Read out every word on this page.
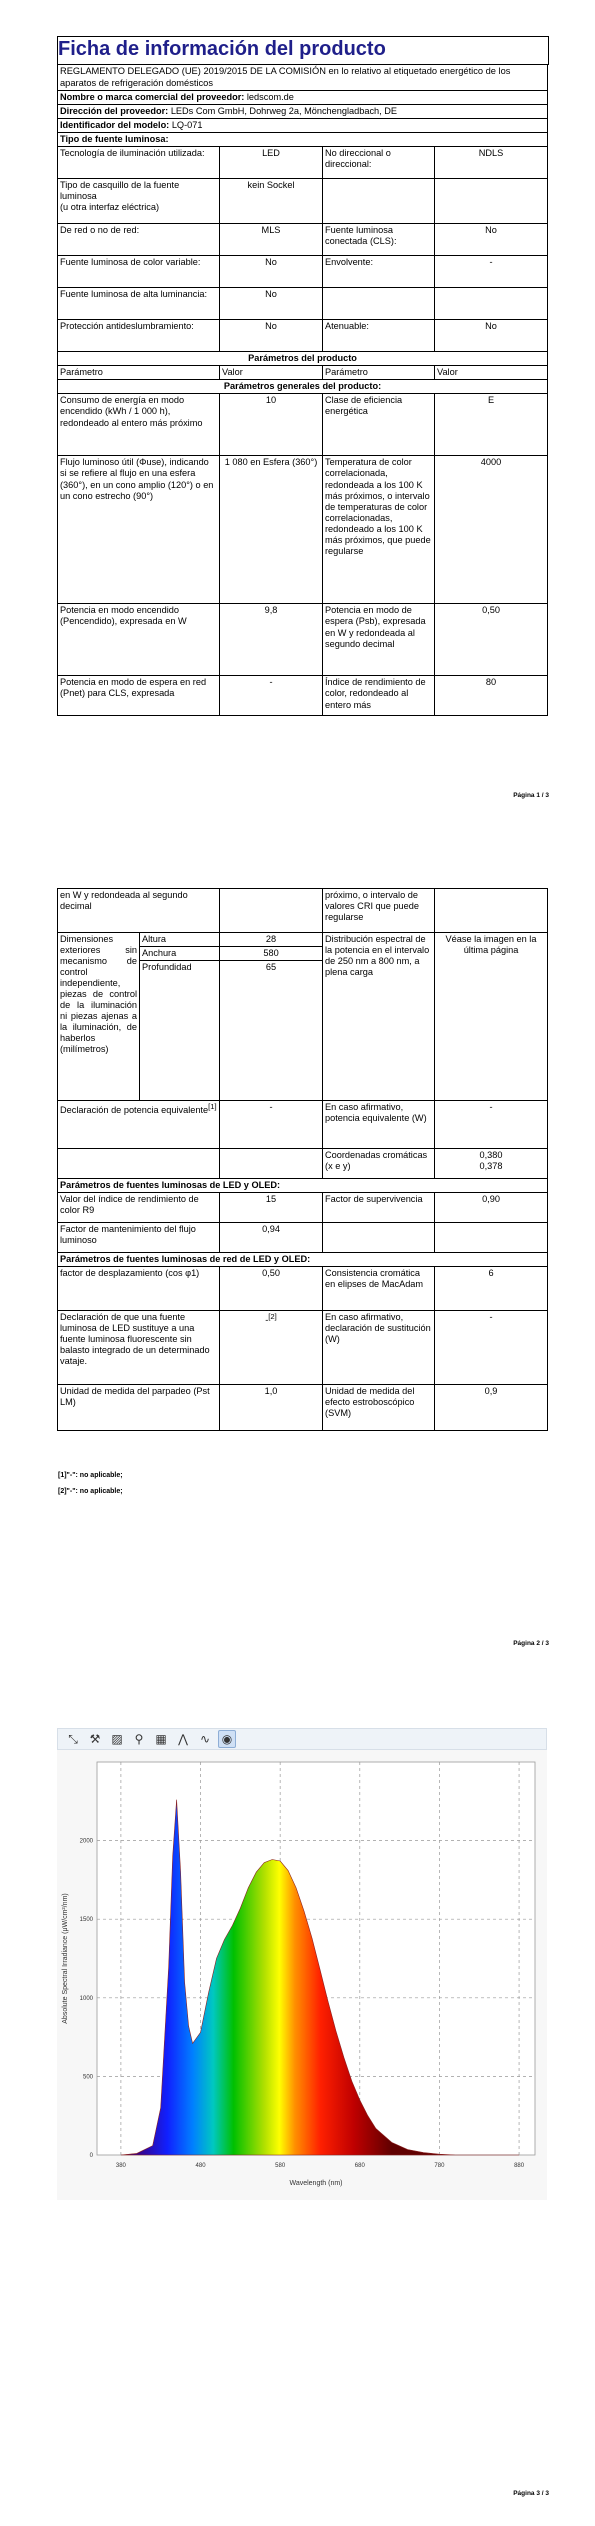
Ficha de información del producto
REGLAMENTO DELEGADO (UE) 2019/2015 DE LA COMISIÓN en lo relativo al etiquetado energético de los aparatos de refrigeración domésticos			
Nombre o marca comercial del proveedor: ledscom.de			
Dirección del proveedor: LEDs Com GmbH, Dohrweg 2a, Mönchengladbach, DE			
Identificador del modelo: LQ-071			
Tipo de fuente luminosa:			
Tecnología de iluminación utilizada:	LED	No direccional o direccional:	NDLS
Tipo de casquillo de la fuente luminosa
(u otra interfaz eléctrica)	kein Sockel		
De red o no de red:	MLS	Fuente luminosa conectada (CLS):	No
Fuente luminosa de color variable:	No	Envolvente:	-
Fuente luminosa de alta luminancia:	No		
Protección antideslumbramiento:	No	Atenuable:	No
Parámetros del producto			
Parámetro	Valor	Parámetro	Valor
Parámetros generales del producto:			
Consumo de energía en modo encendido (kWh / 1 000 h), redondeado al entero más próximo	10	Clase de eficiencia energética	E
Flujo luminoso útil (Φuse), indicando si se refiere al flujo en una esfera (360°), en un cono amplio (120°) o en un cono estrecho (90°)	1 080 en Esfera (360°)	Temperatura de color correlacionada, redondeada a los 100 K más próximos, o intervalo de temperaturas de color correlacionadas, redondeado a los 100 K más próximos, que puede regularse	4000
Potencia en modo encendido (Pencendido), expresada en W	9,8	Potencia en modo de espera (Psb), expresada en W y redondeada al segundo decimal	0,50
Potencia en modo de espera en red (Pnet) para CLS, expresada	-	Índice de rendimiento de color, redondeado al entero más	80
Página 1 / 3
en W y redondeada al segundo decimal			próximo, o intervalo de valores CRI que puede regularse	
Dimensiones exteriores sin mecanismo de control independiente, piezas de control de la iluminación ni piezas ajenas a la iluminación, de haberlos (milímetros)	Altura	28	Distribución espectral de la potencia en el intervalo de 250 nm a 800 nm, a plena carga	Véase la imagen en la última página
	Anchura	580		
	Profundidad	65		
Declaración de potencia equivalente[1]		-	En caso afirmativo, potencia equivalente (W)	-
			Coordenadas cromáticas (x e y)	0,380
0,378
Parámetros de fuentes luminosas de LED y OLED:				
Valor del índice de rendimiento de color R9		15	Factor de supervivencia	0,90
Factor de mantenimiento del flujo luminoso		0,94		
Parámetros de fuentes luminosas de red de LED y OLED:				
factor de desplazamiento (cos φ1)		0,50	Consistencia cromática en elipses de MacAdam	6
Declaración de que una fuente luminosa de LED sustituye a una fuente luminosa fluorescente sin balasto integrado de un determinado vataje.		-[2]	En caso afirmativo, declaración de sustitución (W)	-
Unidad de medida del parpadeo (Pst LM)		1,0	Unidad de medida del efecto estroboscópico (SVM)	0,9
[1]"-": no aplicable;
[2]"-": no aplicable;
Página 2 / 3
⤡ ⚒ ▨ ⚲ ▦ ⋀	∿ ◉
380	480	580	680	780	880
0
500
1000
1500
2000
Wavelength (nm)
Absolute Spectral Irradiance (μW/cm²/nm)
Página 3 / 3
